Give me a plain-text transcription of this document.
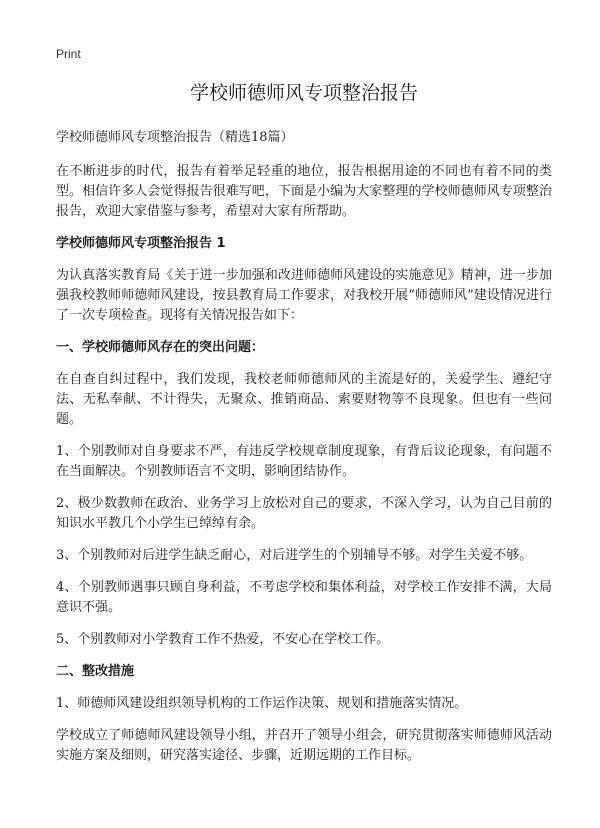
Print
学校师德师风专项整治报告
学校师德师风专项整治报告（精选18篇）

在不断进步的时代，报告有着举足轻重的地位，报告根据用途的不同也有着不同的类型。相信许多人会觉得报告很难写吧，下面是小编为大家整理的学校师德师风专项整治报告，欢迎大家借鉴与参考，希望对大家有所帮助。

学校师德师风专项整治报告 1

为认真落实教育局《关于进一步加强和改进师德师风建设的实施意见》精神，进一步加强我校教师师德师风建设，按县教育局工作要求，对我校开展“师德师风”建设情况进行了一次专项检查。现将有关情况报告如下：

一、学校师德师风存在的突出问题：

在自查自纠过程中，我们发现，我校老师师德师风的主流是好的，关爱学生、遵纪守法、无私奉献、不计得失，无聚众、推销商品、索要财物等不良现象。但也有一些问题。

1、个别教师对自身要求不严，有违反学校规章制度现象，有背后议论现象，有问题不在当面解决。个别教师语言不文明，影响团结协作。

2、极少数教师在政治、业务学习上放松对自己的要求，不深入学习，认为自己目前的知识水平教几个小学生已绰绰有余。

3、个别教师对后进学生缺乏耐心，对后进学生的个别辅导不够。对学生关爱不够。

4、个别教师遇事只顾自身利益，不考虑学校和集体利益，对学校工作安排不满，大局意识不强。

5、个别教师对小学教育工作不热爱，不安心在学校工作。

二、整改措施

1、师德师风建设组织领导机构的工作运作决策、规划和措施落实情况。

学校成立了师德师风建设领导小组，并召开了领导小组会，研究贯彻落实师德师风活动实施方案及细则，研究落实途径、步骤，近期远期的工作目标。
